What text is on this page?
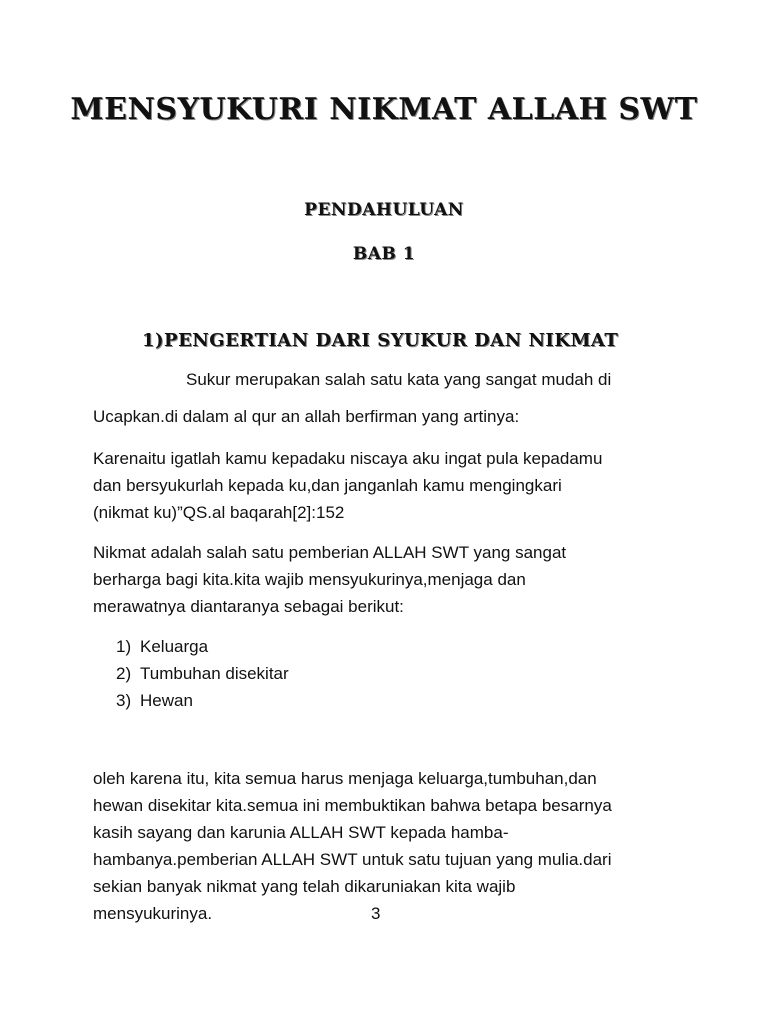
MENSYUKURI NIKMAT ALLAH SWT
PENDAHULUAN
BAB 1
1)PENGERTIAN DARI SYUKUR DAN NIKMAT
Sukur merupakan salah satu kata yang sangat mudah di
Ucapkan.di dalam al qur an allah berfirman yang artinya:
Karenaitu igatlah kamu kepadaku niscaya aku ingat pula kepadamu
dan bersyukurlah kepada ku,dan janganlah kamu mengingkari
(nikmat ku)”QS.al baqarah[2]:152
Nikmat adalah salah satu pemberian ALLAH SWT yang sangat
berharga bagi kita.kita wajib mensyukurinya,menjaga dan
merawatnya diantaranya sebagai berikut:
1) Keluarga
2) Tumbuhan disekitar
3) Hewan
oleh karena itu, kita semua harus menjaga keluarga,tumbuhan,dan
hewan disekitar kita.semua ini membuktikan bahwa betapa besarnya
kasih sayang dan karunia ALLAH SWT kepada hamba-
hambanya.pemberian ALLAH SWT untuk satu tujuan yang mulia.dari
sekian banyak nikmat yang telah dikaruniakan kita wajib
mensyukurinya.	3
